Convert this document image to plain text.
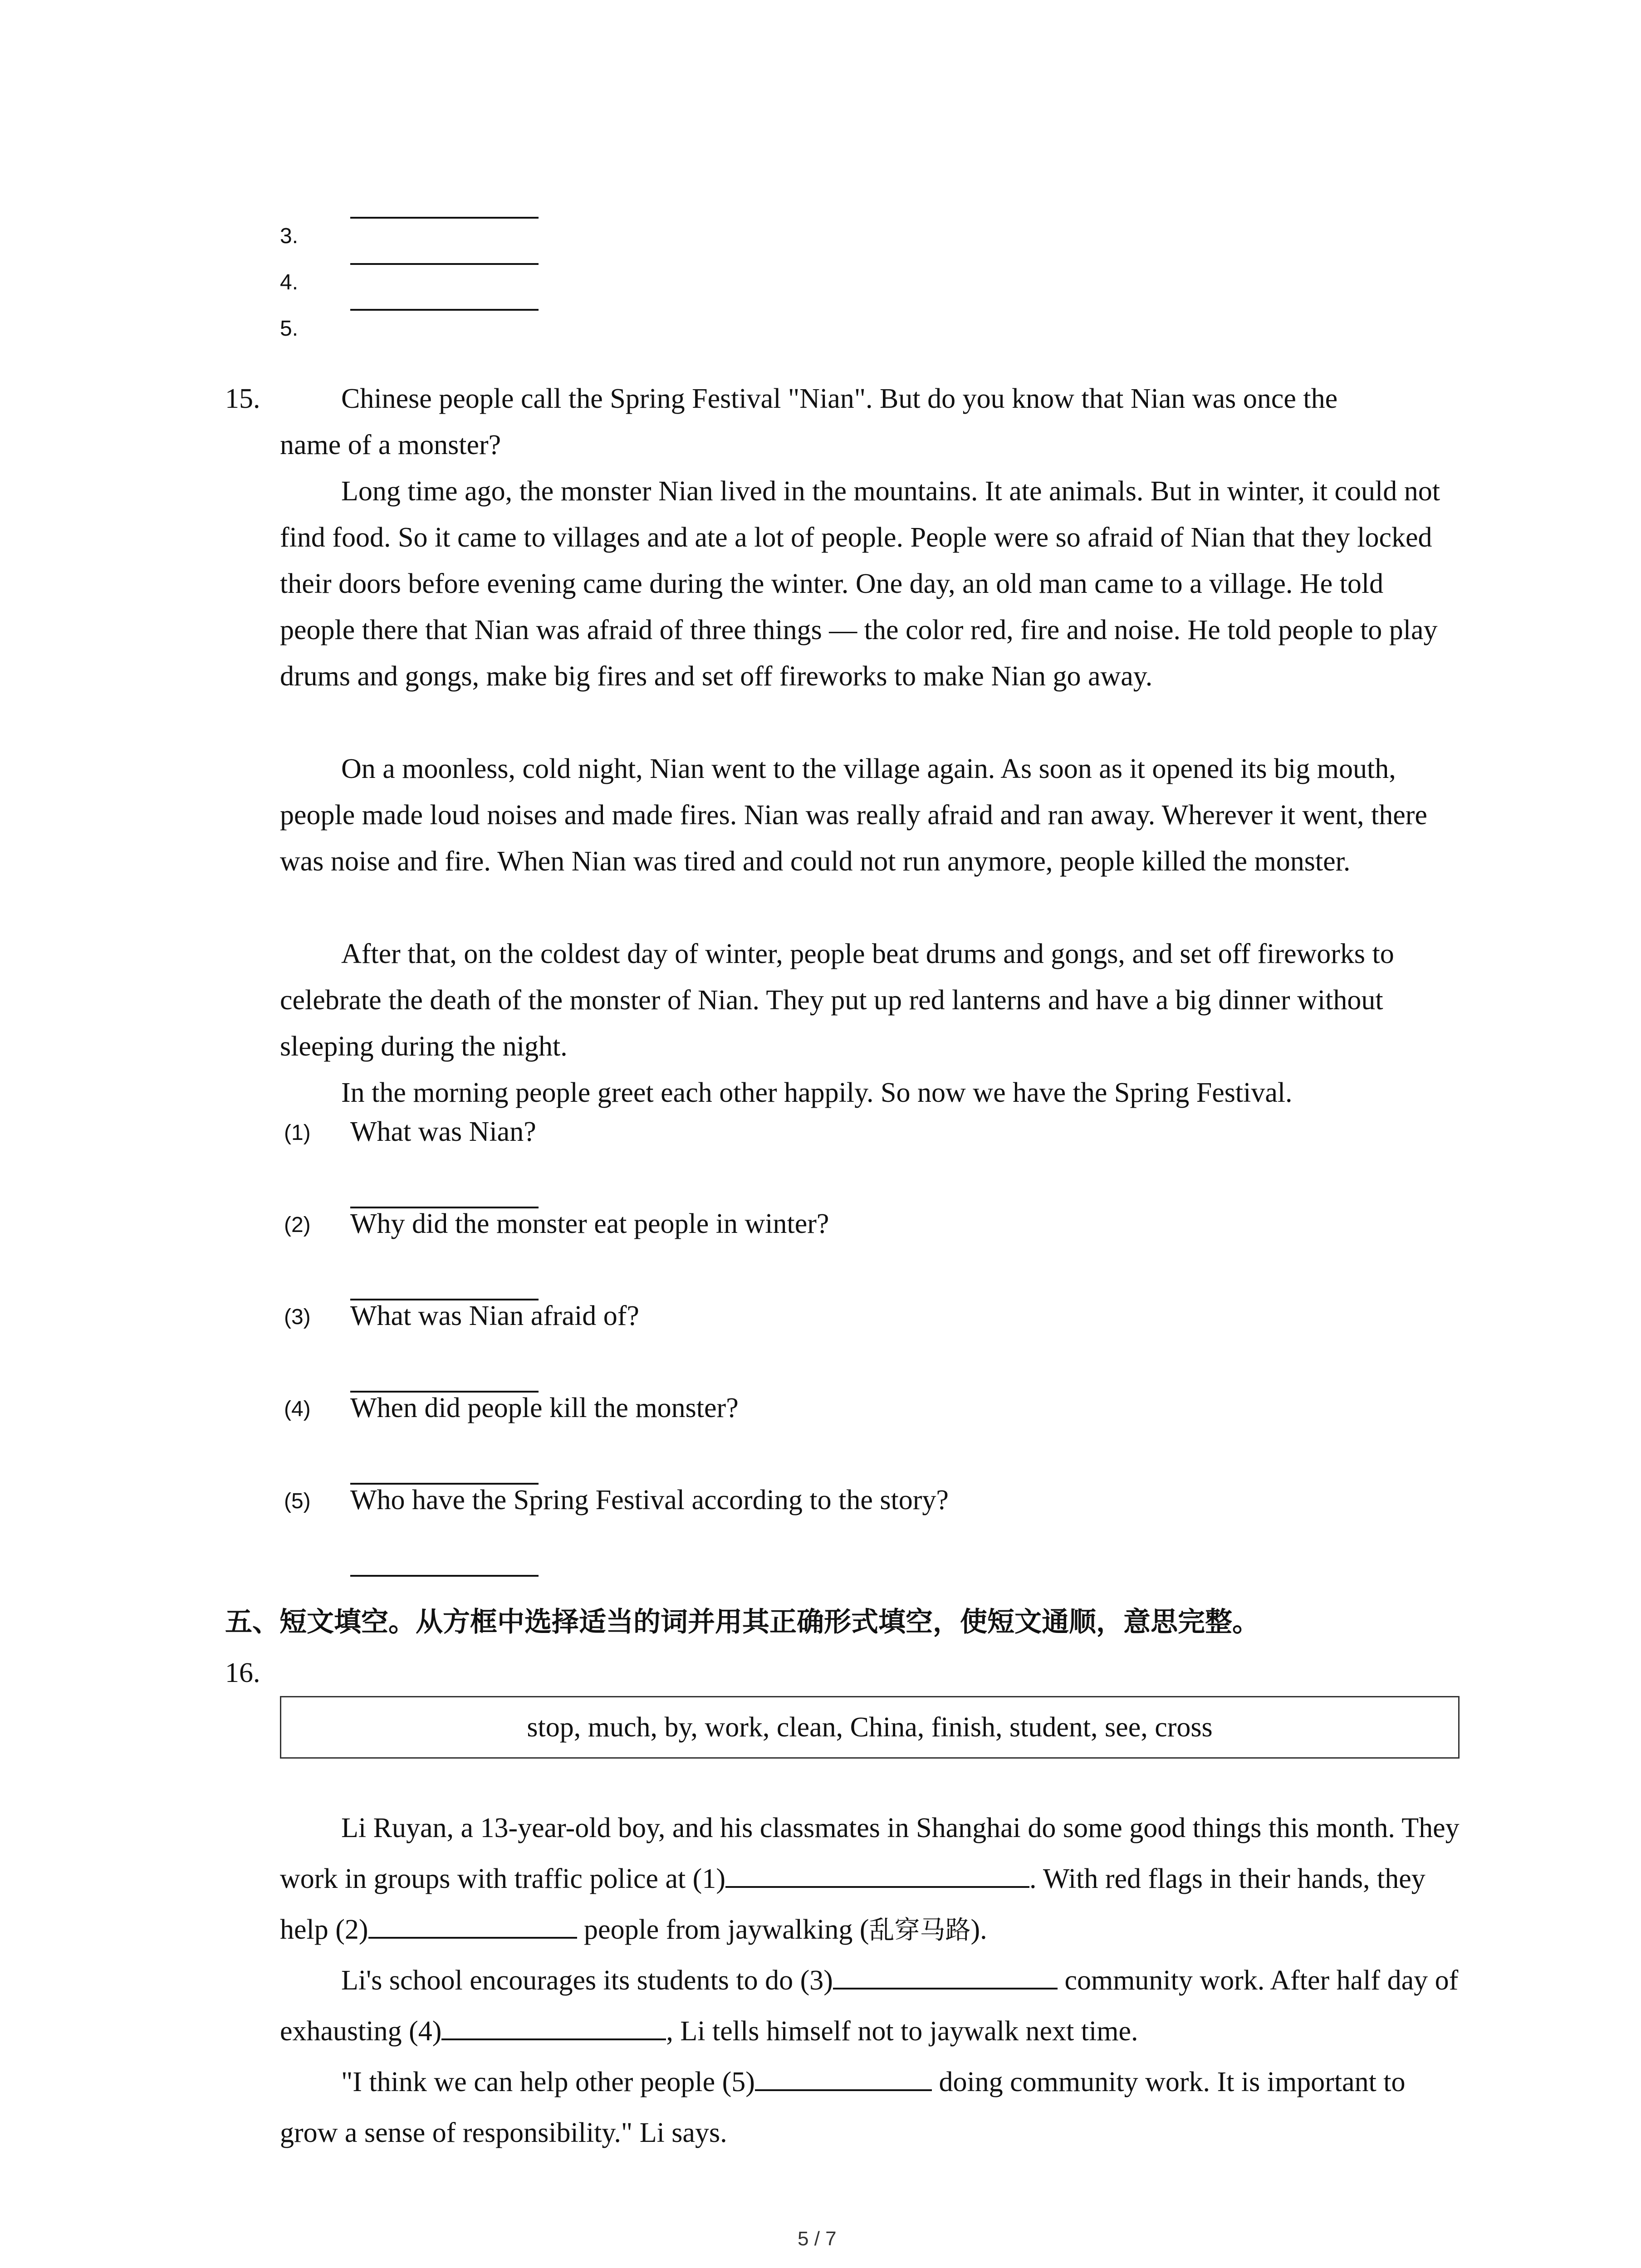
3.
4.
5.
15.	Chinese people call the Spring Festival "Nian". But do you know that Nian was once the
name of a monster?

Long time ago, the monster Nian lived in the mountains. It ate animals. But in winter, it could not find food. So it came to villages and ate a lot of people. People were so afraid of Nian that they locked their doors before evening came during the winter. One day, an old man came to a village. He told people there that Nian was afraid of three things — the color red, fire and noise. He told people to play drums and gongs, make big fires and set off fireworks to make Nian go away.

On a moonless, cold night, Nian went to the village again. As soon as it opened its big mouth, people made loud noises and made fires. Nian was really afraid and ran away. Wherever it went, there was noise and fire. When Nian was tired and could not run anymore, people killed the monster.

After that, on the coldest day of winter, people beat drums and gongs, and set off fireworks to celebrate the death of the monster of Nian. They put up red lanterns and have a big dinner without sleeping during the night.

In the morning people greet each other happily. So now we have the Spring Festival.

(1) What was Nian?
(2) Why did the monster eat people in winter?
(3) What was Nian afraid of?
(4) When did people kill the monster?
(5) Who have the Spring Festival according to the story?
五、短文填空。从方框中选择适当的词并用其正确形式填空，使短文通顺，意思完整。
16.
stop, much, by, work, clean, China, finish, student, see, cross

Li Ruyan, a 13-year-old boy, and his classmates in Shanghai do some good things this month. They work in groups with traffic police at (1)	. With red flags in their hands, they help (2)	people from jaywalking (乱穿马路).

Li's school encourages its students to do (3)	community work. After half day of exhausting (4)	, Li tells himself not to jaywalk next time.

"I think we can help other people (5)	doing community work. It is important to grow a sense of responsibility." Li says.

5 / 7
